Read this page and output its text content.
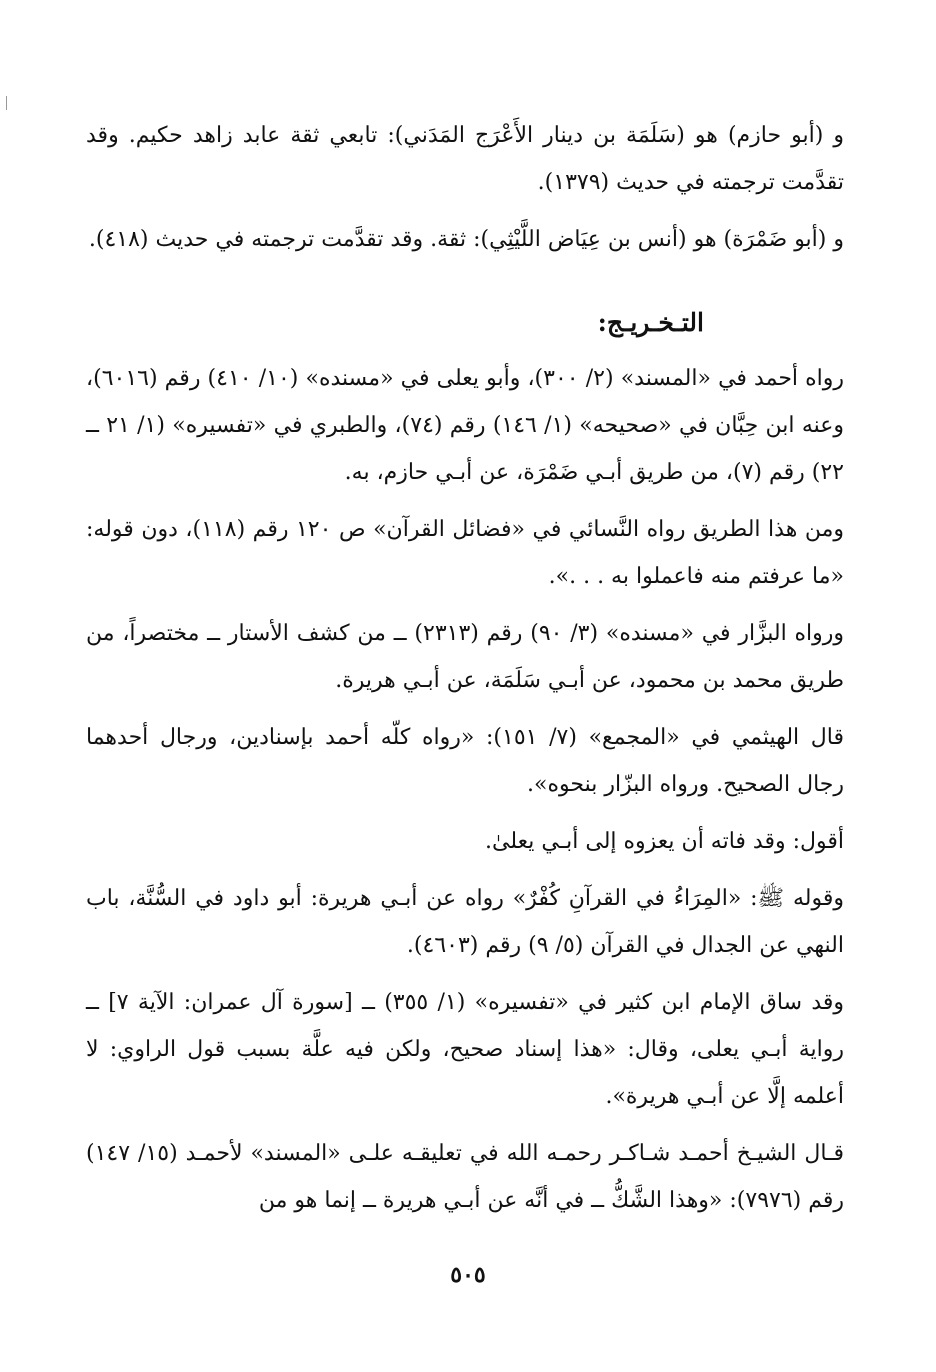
و (أبو حازم) هو (سَلَمَة بن دينار الأَعْرَج المَدَني): تابعي ثقة عابد زاهد حكيم. وقد تقدَّمت ترجمته في حديث (١٣٧٩).

و (أبو ضَمْرَة) هو (أنس بن عِيَاض اللَّيْثِي): ثقة. وقد تقدَّمت ترجمته في حديث (٤١٨).

التـخـريـج:

رواه أحمد في «المسند» (٢/ ٣٠٠)، وأبو يعلى في «مسنده» (١٠/ ٤١٠) رقم (٦٠١٦)، وعنه ابن حِبَّان في «صحيحه» (١/ ١٤٦) رقم (٧٤)، والطبري في «تفسيره» (١/ ٢١ ــ ٢٢) رقم (٧)، من طريق أبـي ضَمْرَة، عن أبـي حازم، به.

ومن هذا الطريق رواه النَّسائي في «فضائل القرآن» ص ١٢٠ رقم (١١٨)، دون قوله: «ما عرفتم منه فاعملوا به . . .».

ورواه البزَّار في «مسنده» (٣/ ٩٠) رقم (٢٣١٣) ــ من كشف الأستار ــ مختصراً، من طريق محمد بن محمود، عن أبـي سَلَمَة، عن أبـي هريرة.

قال الهيثمي في «المجمع» (٧/ ١٥١): «رواه كلّه أحمد بإسنادين، ورجال أحدهما رجال الصحيح. ورواه البزّار بنحوه».

أقول: وقد فاته أن يعزوه إلى أبـي يعلىٰ.

وقوله ﷺ: «المِرَاءُ في القرآنِ كُفْرٌ» رواه عن أبـي هريرة: أبو داود في السُّنَّة، باب النهي عن الجدال في القرآن (٥/ ٩) رقم (٤٦٠٣).

وقد ساق الإمام ابن كثير في «تفسيره» (١/ ٣٥٥) ــ [سورة آل عمران: الآية ٧] ــ رواية أبـي يعلى، وقال: «هذا إسناد صحيح، ولكن فيه علَّة بسبب قول الراوي: لا أعلمه إلَّا عن أبـي هريرة».

قـال الشيـخ أحمـد شـاكـر رحمـه الله في تعليقـه علـى «المسند» لأحمـد (١٥/ ١٤٧) رقم (٧٩٧٦): «وهذا الشَّكُّ ــ في أنَّه عن أبـي هريرة ــ إنما هو من

٥٠٥
